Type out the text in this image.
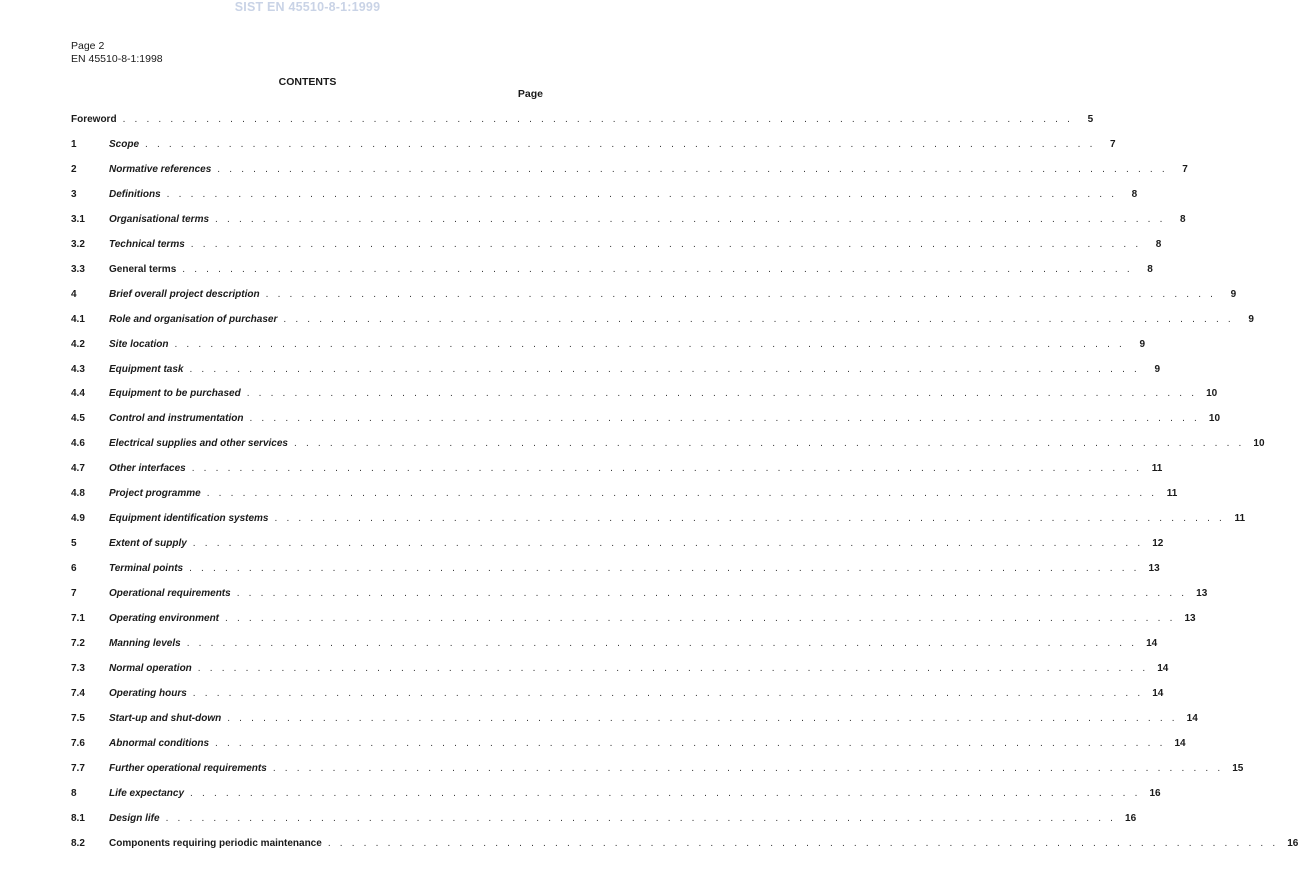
SIST EN 45510-8-1:1999
Page 2
EN 45510-8-1:1998
CONTENTS
Page
Foreword . . . . . . . . . . . . . . . . . . . . . . . . . . . . . . . . . . . . . . . . . . . . . . . . . . . . . . . . . . . . . . . . . . . . . . . . . . . . . . . .	5
1	Scope . . . . . . . . . . . . . . . . . . . . . . . . . . . . . . . . . . . . . . . . . . . . . . . . . . . . . . . . . . . . . . . . . . . . . . . . . . . . . . . .	7
2	Normative references . . . . . . . . . . . . . . . . . . . . . . . . . . . . . . . . . . . . . . . . . . . . . . . . . . . . . . . . . . . . . . . . . . . . . . . . . . . . . . . .	7
3	Definitions . . . . . . . . . . . . . . . . . . . . . . . . . . . . . . . . . . . . . . . . . . . . . . . . . . . . . . . . . . . . . . . . . . . . . . . . . . . . . . . .	8
3.1 Organisational terms . . . . . . . . . . . . . . . . . . . . . . . . . . . . . . . . . . . . . . . . . . . . . . . . . . . . . . . . . . . . . . . . . . . . . . . . . . . . . . . .	8
3.2 Technical terms . . . . . . . . . . . . . . . . . . . . . . . . . . . . . . . . . . . . . . . . . . . . . . . . . . . . . . . . . . . . . . . . . . . . . . . . . . . . . . . .	8
3.3 General terms . . . . . . . . . . . . . . . . . . . . . . . . . . . . . . . . . . . . . . . . . . . . . . . . . . . . . . . . . . . . . . . . . . . . . . . . . . . . . . . .	8
4	Brief overall project description . . . . . . . . . . . . . . . . . . . . . . . . . . . . . . . . . . . . . . . . . . . . . . . . . . . . . . . . . . . . . . . . . . . . . . . . . . . . . . . .	9
4.1 Role and organisation of purchaser . . . . . . . . . . . . . . . . . . . . . . . . . . . . . . . . . . . . . . . . . . . . . . . . . . . . . . . . . . . . . . . . . . . . . . . . . . . . . . . .	9
4.2 Site location . . . . . . . . . . . . . . . . . . . . . . . . . . . . . . . . . . . . . . . . . . . . . . . . . . . . . . . . . . . . . . . . . . . . . . . . . . . . . . . .	9
4.3 Equipment task . . . . . . . . . . . . . . . . . . . . . . . . . . . . . . . . . . . . . . . . . . . . . . . . . . . . . . . . . . . . . . . . . . . . . . . . . . . . . . . .	9
4.4 Equipment to be purchased . . . . . . . . . . . . . . . . . . . . . . . . . . . . . . . . . . . . . . . . . . . . . . . . . . . . . . . . . . . . . . . . . . . . . . . . . . . . . . . . 10
4.5 Control and instrumentation . . . . . . . . . . . . . . . . . . . . . . . . . . . . . . . . . . . . . . . . . . . . . . . . . . . . . . . . . . . . . . . . . . . . . . . . . . . . . . . . 10
4.6 Electrical supplies and other services . . . . . . . . . . . . . . . . . . . . . . . . . . . . . . . . . . . . . . . . . . . . . . . . . . . . . . . . . . . . . . . . . . . . . . . . . . . . . . . . 10
4.7 Other interfaces . . . . . . . . . . . . . . . . . . . . . . . . . . . . . . . . . . . . . . . . . . . . . . . . . . . . . . . . . . . . . . . . . . . . . . . . . . . . . . . . 11
4.8 Project programme . . . . . . . . . . . . . . . . . . . . . . . . . . . . . . . . . . . . . . . . . . . . . . . . . . . . . . . . . . . . . . . . . . . . . . . . . . . . . . . . 11
4.9 Equipment identification systems . . . . . . . . . . . . . . . . . . . . . . . . . . . . . . . . . . . . . . . . . . . . . . . . . . . . . . . . . . . . . . . . . . . . . . . . . . . . . . . . 11
5	Extent of supply . . . . . . . . . . . . . . . . . . . . . . . . . . . . . . . . . . . . . . . . . . . . . . . . . . . . . . . . . . . . . . . . . . . . . . . . . . . . . . . . 12
6	Terminal points . . . . . . . . . . . . . . . . . . . . . . . . . . . . . . . . . . . . . . . . . . . . . . . . . . . . . . . . . . . . . . . . . . . . . . . . . . . . . . . . 13
7	Operational requirements . . . . . . . . . . . . . . . . . . . . . . . . . . . . . . . . . . . . . . . . . . . . . . . . . . . . . . . . . . . . . . . . . . . . . . . . . . . . . . . . 13
7.1 Operating environment . . . . . . . . . . . . . . . . . . . . . . . . . . . . . . . . . . . . . . . . . . . . . . . . . . . . . . . . . . . . . . . . . . . . . . . . . . . . . . . . 13
7.2 Manning levels . . . . . . . . . . . . . . . . . . . . . . . . . . . . . . . . . . . . . . . . . . . . . . . . . . . . . . . . . . . . . . . . . . . . . . . . . . . . . . . . 14
7.3 Normal operation . . . . . . . . . . . . . . . . . . . . . . . . . . . . . . . . . . . . . . . . . . . . . . . . . . . . . . . . . . . . . . . . . . . . . . . . . . . . . . . . 14
7.4 Operating hours . . . . . . . . . . . . . . . . . . . . . . . . . . . . . . . . . . . . . . . . . . . . . . . . . . . . . . . . . . . . . . . . . . . . . . . . . . . . . . . . 14
7.5 Start-up and shut-down . . . . . . . . . . . . . . . . . . . . . . . . . . . . . . . . . . . . . . . . . . . . . . . . . . . . . . . . . . . . . . . . . . . . . . . . . . . . . . . . 14
7.6 Abnormal conditions . . . . . . . . . . . . . . . . . . . . . . . . . . . . . . . . . . . . . . . . . . . . . . . . . . . . . . . . . . . . . . . . . . . . . . . . . . . . . . . . 14
7.7 Further operational requirements . . . . . . . . . . . . . . . . . . . . . . . . . . . . . . . . . . . . . . . . . . . . . . . . . . . . . . . . . . . . . . . . . . . . . . . . . . . . . . . . 15
8	Life expectancy . . . . . . . . . . . . . . . . . . . . . . . . . . . . . . . . . . . . . . . . . . . . . . . . . . . . . . . . . . . . . . . . . . . . . . . . . . . . . . . . 16
8.1 Design life . . . . . . . . . . . . . . . . . . . . . . . . . . . . . . . . . . . . . . . . . . . . . . . . . . . . . . . . . . . . . . . . . . . . . . . . . . . . . . . . 16
8.2 Components requiring periodic maintenance . . . . . . . . . . . . . . . . . . . . . . . . . . . . . . . . . . . . . . . . . . . . . . . . . . . . . . . . . . . . . . . . . . . . . . . . . . . . . . . . 16
